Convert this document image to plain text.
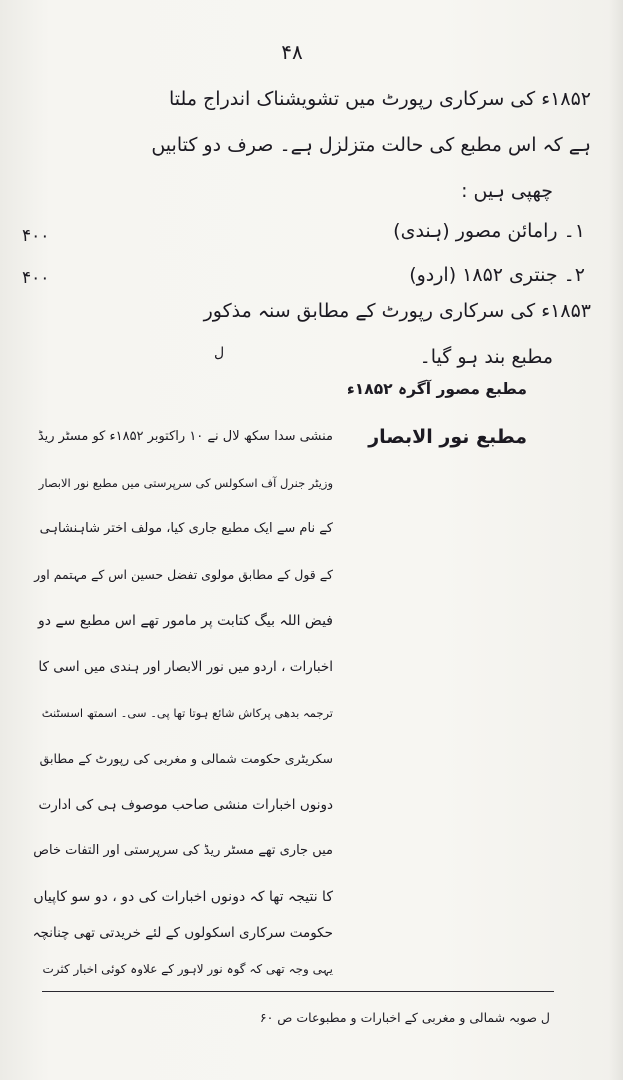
۴۸
۱۸۵۲ء کی سرکاری رپورٹ میں تشویشناک اندراج ملتا
ہے کہ اس مطبع کی حالت متزلزل ہے۔ صرف دو کتابیں
چھپی ہیں :
۱۔ رامائن مصور (ہندی)
۴۰۰
۲۔ جنتری ۱۸۵۲ (اردو)
۴۰۰
۱۸۵۳ء کی سرکاری رپورٹ کے مطابق سنہ مذکور
مطبع بند ہو گیا۔
ل
مطبع مصور آگرہ ۱۸۵۲ء
مطبع نور الابصار
منشی سدا سکھ لال نے ۱۰ راکتوبر ۱۸۵۲ء کو مسٹر ریڈ
وزیٹر جنرل آف اسکولس کی سرپرستی میں مطبع نور الابصار
کے نام سے ایک مطبع جاری کیا، مولف اختر شاہنشاہی
کے قول کے مطابق مولوی تفضل حسین اس کے مہتمم اور
فیض اللہ بیگ کتابت پر مامور تھے اس مطبع سے دو
اخبارات ، اردو میں نور الابصار اور ہندی میں اسی کا
ترجمہ بدھی پرکاش شائع ہوتا تھا پی۔ سی۔ اسمتھ اسسٹنٹ
سکریٹری حکومت شمالی و مغربی کی رپورٹ کے مطابق
دونوں اخبارات منشی صاحب موصوف ہی کی ادارت
میں جاری تھے مسٹر ریڈ کی سرپرستی اور التفات خاص
کا نتیجہ تھا کہ دونوں اخبارات کی دو ، دو سو کاپیاں
حکومت سرکاری اسکولوں کے لئے خریدتی تھی چنانچہ
یہی وجہ تھی کہ گوہ نور لاہور کے علاوہ کوئی اخبار کثرت
ل صوبہ شمالی و مغربی کے اخبارات و مطبوعات ص ۶۰
